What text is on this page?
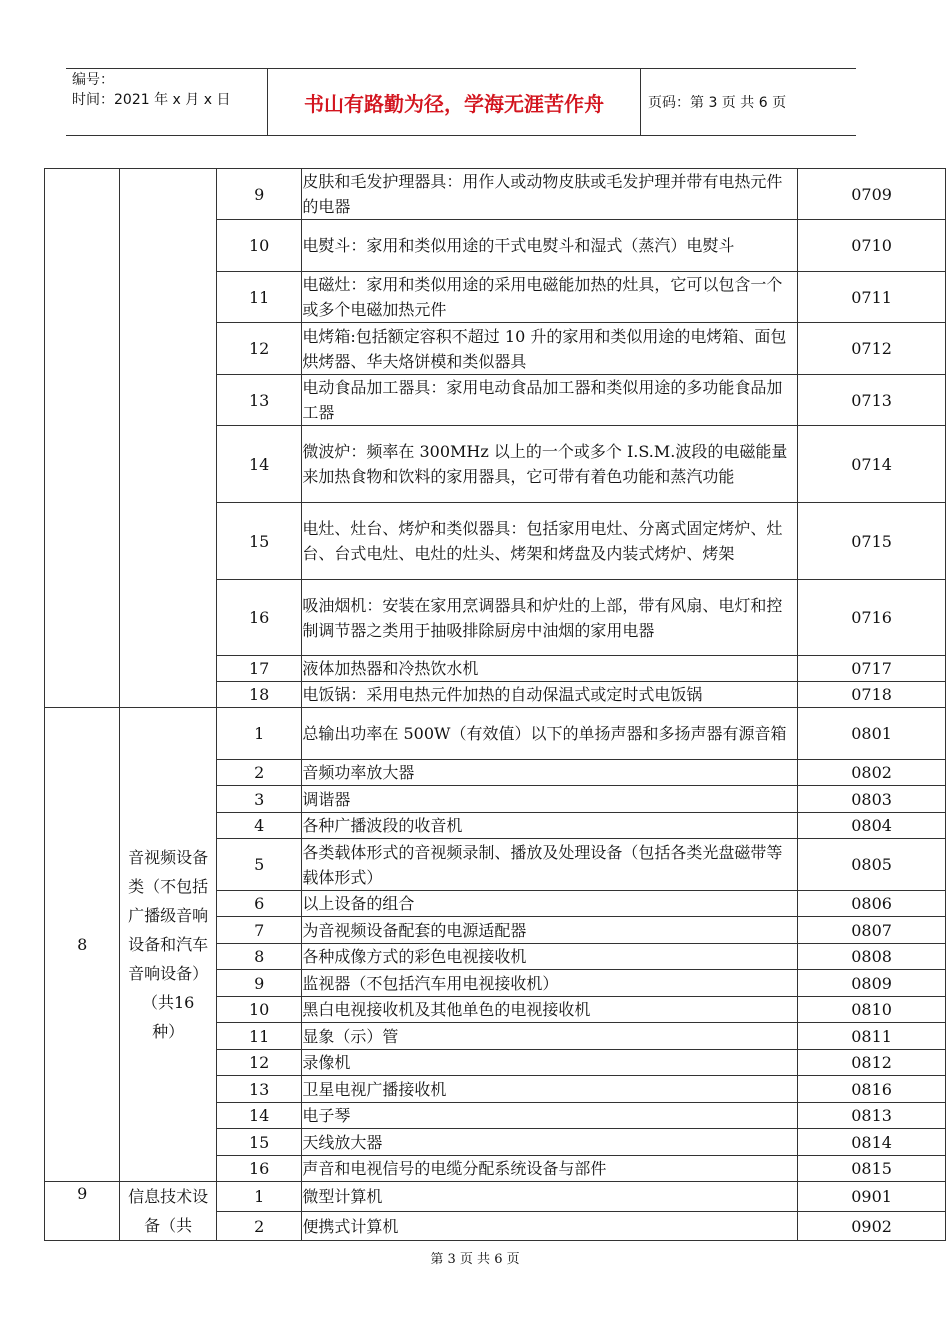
编号：
时间：2021 年 x 月 x 日	书山有路勤为径，学海无涯苦作舟	页码：第 3 页 共 6 页
		9	皮肤和毛发护理器具：用作人或动物皮肤或毛发护理并带有电热元件的电器	0709
		10	电熨斗：家用和类似用途的干式电熨斗和湿式（蒸汽）电熨斗	0710
		11	电磁灶：家用和类似用途的采用电磁能加热的灶具，它可以包含一个或多个电磁加热元件	0711
		12	电烤箱:包括额定容积不超过 10 升的家用和类似用途的电烤箱、面包烘烤器、华夫烙饼模和类似器具	0712
		13	电动食品加工器具：家用电动食品加工器和类似用途的多功能食品加工器	0713
		14	微波炉：频率在 300MHz 以上的一个或多个 I.S.M.波段的电磁能量来加热食物和饮料的家用器具，它可带有着色功能和蒸汽功能	0714
		15	电灶、灶台、烤炉和类似器具：包括家用电灶、分离式固定烤炉、灶台、台式电灶、电灶的灶头、烤架和烤盘及内装式烤炉、烤架	0715
		16	吸油烟机：安装在家用烹调器具和炉灶的上部，带有风扇、电灯和控制调节器之类用于抽吸排除厨房中油烟的家用电器	0716
		17	液体加热器和冷热饮水机	0717
		18	电饭锅：采用电热元件加热的自动保温式或定时式电饭锅	0718
8	音视频设备类（不包括广播级音响设备和汽车音响设备）（共16 种）	1	总输出功率在 500W（有效值）以下的单扬声器和多扬声器有源音箱	0801
		2	音频功率放大器	0802
		3	调谐器	0803
		4	各种广播波段的收音机	0804
		5	各类载体形式的音视频录制、播放及处理设备（包括各类光盘磁带等载体形式）	0805
		6	以上设备的组合	0806
		7	为音视频设备配套的电源适配器	0807
		8	各种成像方式的彩色电视接收机	0808
		9	监视器（不包括汽车用电视接收机）	0809
		10	黑白电视接收机及其他单色的电视接收机	0810
		11	显象（示）管	0811
		12	录像机	0812
		13	卫星电视广播接收机	0816
		14	电子琴	0813
		15	天线放大器	0814
		16	声音和电视信号的电缆分配系统设备与部件	0815
9	信息技术设备（共	1	微型计算机	0901
		2	便携式计算机	0902
第 3 页 共 6 页
